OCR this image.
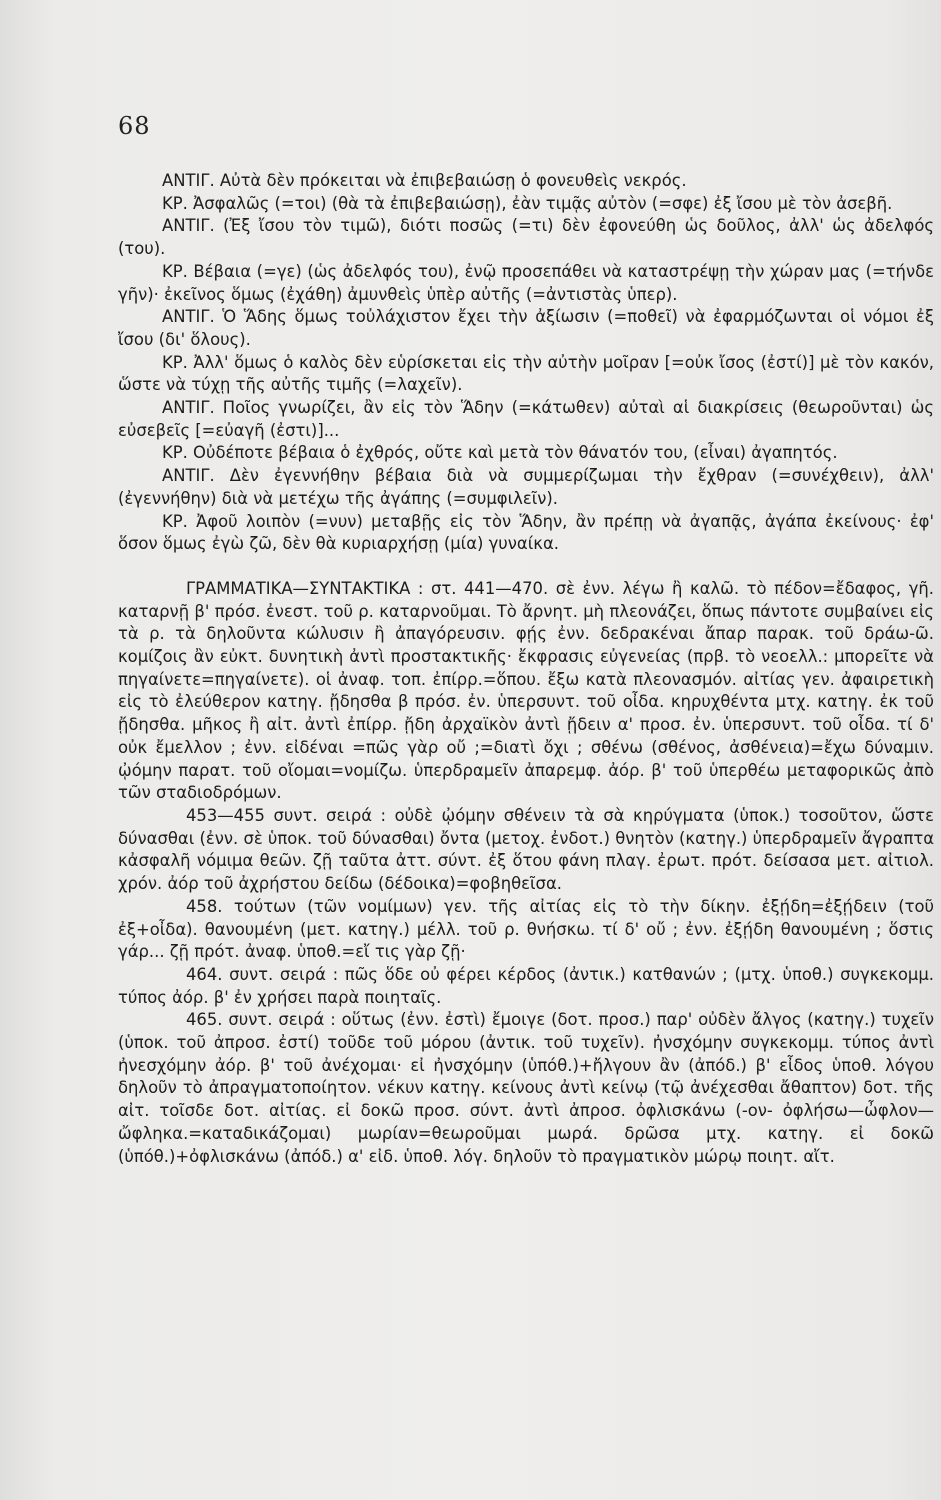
68

ΑΝΤΙΓ. Αὐτὰ δὲν πρόκειται νὰ ἐπιβεβαιώσῃ ὁ φονευθεὶς νεκρός.

ΚΡ. Ἀσφαλῶς (=τοι) (θὰ τὰ ἐπιβεβαιώσῃ), ἐὰν τιμᾷς αὐτὸν (=σφε) ἐξ ἴσου μὲ τὸν ἀσεβῆ.

ΑΝΤΙΓ. (Ἐξ ἴσου τὸν τιμῶ), διότι ποσῶς (=τι) δὲν ἐφονεύθη ὡς δοῦλος, ἀλλ' ὡς ἀδελφός (του).

ΚΡ. Βέβαια (=γε) (ὡς ἀδελφός του), ἐνῷ προσεπάθει νὰ καταστρέψῃ τὴν χώραν μας (=τήνδε γῆν)· ἐκεῖνος ὅμως (ἐχάθη) ἀμυνθεὶς ὑπὲρ αὐτῆς (=ἀντιστὰς ὑπερ).

ΑΝΤΙΓ. Ὁ Ἅδης ὅμως τοὐλάχιστον ἔχει τὴν ἀξίωσιν (=ποθεῖ) νὰ ἐφαρμόζωνται οἱ νόμοι ἐξ ἴσου (δι' ὅλους).

ΚΡ. Ἀλλ' ὅμως ὁ καλὸς δὲν εὑρίσκεται εἰς τὴν αὐτὴν μοῖραν [=οὐκ ἴσος (ἐστί)] μὲ τὸν κακόν, ὥστε νὰ τύχῃ τῆς αὐτῆς τιμῆς (=λαχεῖν).

ΑΝΤΙΓ. Ποῖος γνωρίζει, ἂν εἰς τὸν Ἅδην (=κάτωθεν) αὐταὶ αἱ διακρίσεις (θεωροῦνται) ὡς εὐσεβεῖς [=εὐαγῆ (ἐστι)]...

ΚΡ. Οὐδέποτε βέβαια ὁ ἐχθρός, οὔτε καὶ μετὰ τὸν θάνατόν του, (εἶναι) ἀγαπητός.

ΑΝΤΙΓ. Δὲν ἐγεννήθην βέβαια διὰ νὰ συμμερίζωμαι τὴν ἔχθραν (=συνέχθειν), ἀλλ' (ἐγεννήθην) διὰ νὰ μετέχω τῆς ἀγάπης (=συμφιλεῖν).

ΚΡ. Ἀφοῦ λοιπὸν (=νυν) μεταβῇς εἰς τὸν Ἅδην, ἂν πρέπῃ νὰ ἀγαπᾷς, ἀγάπα ἐκείνους· ἐφ' ὅσον ὅμως ἐγὼ ζῶ, δὲν θὰ κυριαρχήσῃ (μία) γυναίκα.

ΓΡΑΜΜΑΤΙΚΑ—ΣΥΝΤΑΚΤΙΚΑ : στ. 441—470. σὲ ἐνν. λέγω ἢ καλῶ. τὸ πέδον=ἔδαφος, γῆ. καταρνῇ β' πρόσ. ἐνεστ. τοῦ ρ. καταρνοῦμαι. Τὸ ἄρνητ. μὴ πλεονάζει, ὅπως πάντοτε συμβαίνει εἰς τὰ ρ. τὰ δηλοῦντα κώλυσιν ἢ ἀπαγόρευσιν. φῄς ἐνν. δεδρακέναι ἄπαρ παρακ. τοῦ δράω-ῶ. κομίζοις ἂν εὐκτ. δυνητικὴ ἀντὶ προστακτικῆς· ἔκφρασις εὐγενείας (πρβ. τὸ νεοελλ.: μπορεῖτε νὰ πηγαίνετε=πηγαίνετε). οἱ ἀναφ. τοπ. ἐπίρρ.=ὅπου. ἔξω κατὰ πλεονασμόν. αἰτίας γεν. ἀφαιρετικὴ εἰς τὸ ἐλεύθερον κατηγ. ᾔδησθα β πρόσ. ἐν. ὑπερσυντ. τοῦ οἶδα. κηρυχθέντα μτχ. κατηγ. ἐκ τοῦ ᾔδησθα. μῆκος ἢ αἰτ. ἀντὶ ἐπίρρ. ᾔδη ἀρχαϊκὸν ἀντὶ ᾔδειν α' προσ. ἐν. ὑπερσυντ. τοῦ οἶδα. τί δ' οὐκ ἔμελλον ; ἐνν. εἰδέναι =πῶς γὰρ οὔ ;=διατὶ ὄχι ; σθένω (σθένος, ἀσθένεια)=ἔχω δύναμιν. ᾠόμην παρατ. τοῦ οἴομαι=νομίζω. ὑπερδραμεῖν ἀπαρεμφ. ἀόρ. β' τοῦ ὑπερθέω μεταφορικῶς ἀπὸ τῶν σταδιοδρόμων.

453—455 συντ. σειρά : οὐδὲ ᾠόμην σθένειν τὰ σὰ κηρύγματα (ὑποκ.) τοσοῦτον, ὥστε δύνασθαι (ἐνν. σὲ ὑποκ. τοῦ δύνασθαι) ὄντα (μετοχ. ἐνδοτ.) θνητὸν (κατηγ.) ὑπερδραμεῖν ἄγραπτα κἀσφαλῆ νόμιμα θεῶν. ζῇ ταῦτα ἀττ. σύντ. ἐξ ὅτου φάνη πλαγ. ἐρωτ. πρότ. δείσασα μετ. αἰτιολ. χρόν. ἀόρ τοῦ ἀχρήστου δείδω (δέδοικα)=φοβηθεῖσα.

458. τούτων (τῶν νομίμων) γεν. τῆς αἰτίας εἰς τὸ τὴν δίκην. ἐξῄδη=ἐξῄδειν (τοῦ ἐξ+οἶδα). θανουμένη (μετ. κατηγ.) μέλλ. τοῦ ρ. θνήσκω. τί δ' οὔ ; ἐνν. ἐξῄδη θανουμένη ; ὅστις γάρ... ζῇ πρότ. ἀναφ. ὑποθ.=εἴ τις γὰρ ζῇ·

464. συντ. σειρά : πῶς ὅδε οὐ φέρει κέρδος (ἀντικ.) κατθανών ; (μτχ. ὑποθ.) συγκεκομμ. τύπος ἀόρ. β' ἐν χρήσει παρὰ ποιηταῖς.

465. συντ. σειρά : οὕτως (ἐνν. ἐστὶ) ἔμοιγε (δοτ. προσ.) παρ' οὐδὲν ἄλγος (κατηγ.) τυχεῖν (ὑποκ. τοῦ ἀπροσ. ἐστί) τοῦδε τοῦ μόρου (ἀντικ. τοῦ τυχεῖν). ἠνσχόμην συγκεκομμ. τύπος ἀντὶ ἠνεσχόμην ἀόρ. β' τοῦ ἀνέχομαι· εἰ ἠνσχόμην (ὑπόθ.)+ἤλγουν ἂν (ἀπόδ.) β' εἶδος ὑποθ. λόγου δηλοῦν τὸ ἀπραγματοποίητον. νέκυν κατηγ. κείνους ἀντὶ κείνῳ (τῷ ἀνέχεσθαι ἄθαπτον) δοτ. τῆς αἰτ. τοῖσδε δοτ. αἰτίας. εἰ δοκῶ προσ. σύντ. ἀντὶ ἀπροσ. ὀφλισκάνω (-ον- ὀφλήσω—ὦφλον—ὤφληκα.=καταδικάζομαι) μωρίαν=θεωροῦμαι μωρά. δρῶσα μτχ. κατηγ. εἰ δοκῶ (ὑπόθ.)+ὀφλισκάνω (ἀπόδ.) α' εἰδ. ὑποθ. λόγ. δηλοῦν τὸ πραγματικὸν μώρῳ ποιητ. αἴτ.
